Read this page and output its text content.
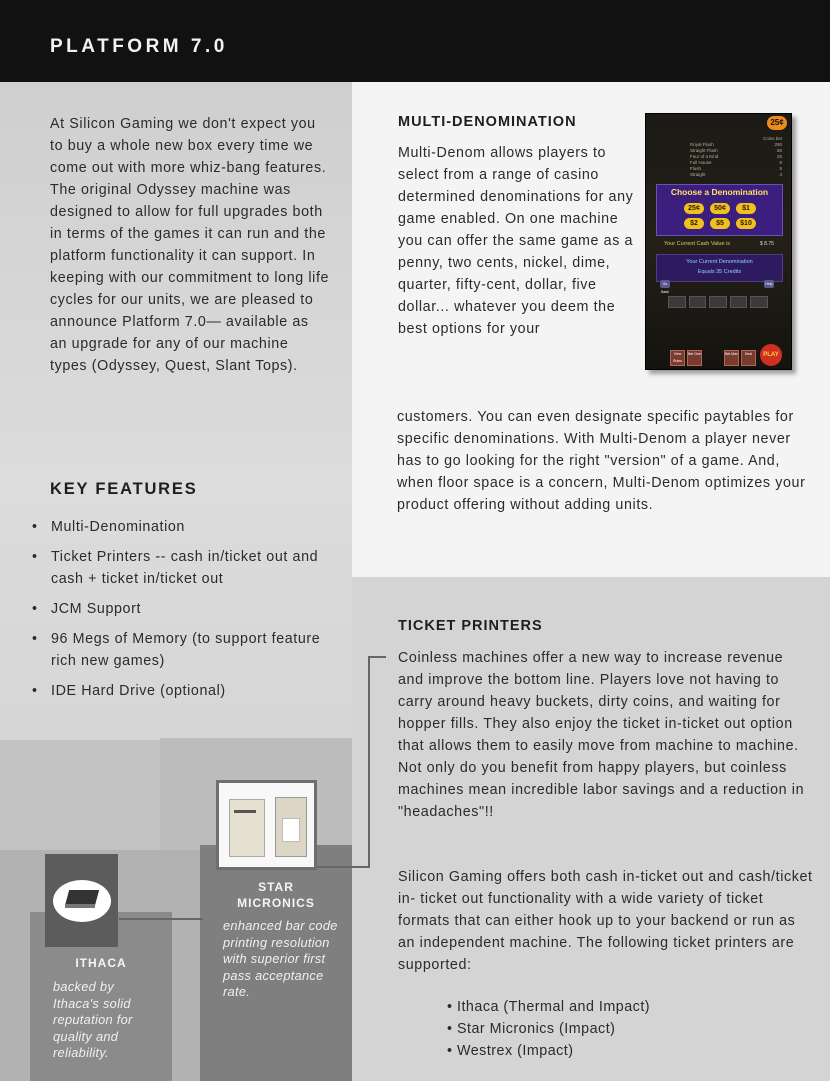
PLATFORM 7.0
At Silicon Gaming we don't expect you to buy a whole new box every time we come out with more whiz-bang features. The original Odyssey machine was designed to allow for full upgrades both in terms of the games it can run and the platform functionality it can support. In keeping with our commitment to long life cycles for our units, we are pleased to announce Platform 7.0— available as an upgrade for any of our machine types (Odyssey, Quest, Slant Tops).
KEY FEATURES
• Multi-Denomination
• Ticket Printers -- cash in/ticket out and cash + ticket in/ticket out
• JCM Support
• 96 Megs of Memory (to support feature rich new games)
• IDE Hard Drive (optional)
MULTI-DENOMINATION
Multi-Denom allows players to select from a range of casino determined denominations for any game enabled. On one machine you can offer the same game as a penny, two cents, nickel, dime, quarter, fifty-cent, dollar, five dollar... whatever you deem the best options for your
customers. You can even designate specific paytables for specific denominations. With Multi-Denom a player never has to go looking for the right "version" of a game. And, when floor space is a concern, Multi-Denom optimizes your product offering without adding units.
25¢
Coins bet
Royal Flush	250
Straight Flush	50
Four of a Kind	25
Full House	8
Flush	5
Straight	4
Choose a Denomination
25¢	50¢	$1
$2	$5	$10
Your Current Cash Value is	$ 8.75
Your Current Denomination
Equals 35 Credits
Go Back
Help
View Rules
Bet One	Bet Max	Deal	PLAY
TICKET PRINTERS
Coinless machines offer a new way to increase revenue and improve the bottom line. Players love not having to carry around heavy buckets, dirty coins, and waiting for hopper fills. They also enjoy the ticket in-ticket out option that allows them to easily move from machine to machine. Not only do you benefit from happy players, but coinless machines mean incredible labor savings and a reduction in "headaches"!!
Silicon Gaming offers both cash in-ticket out and cash/ticket in- ticket out functionality with a wide variety of ticket formats that can either hook up to your backend or run as an independent machine. The following ticket printers are supported:
• Ithaca (Thermal and Impact)
• Star Micronics (Impact)
• Westrex (Impact)
ITHACA
backed by Ithaca's solid reputation for quality and reliability.
STAR
MICRONICS
enhanced bar code printing resolution with superior first pass acceptance rate.
